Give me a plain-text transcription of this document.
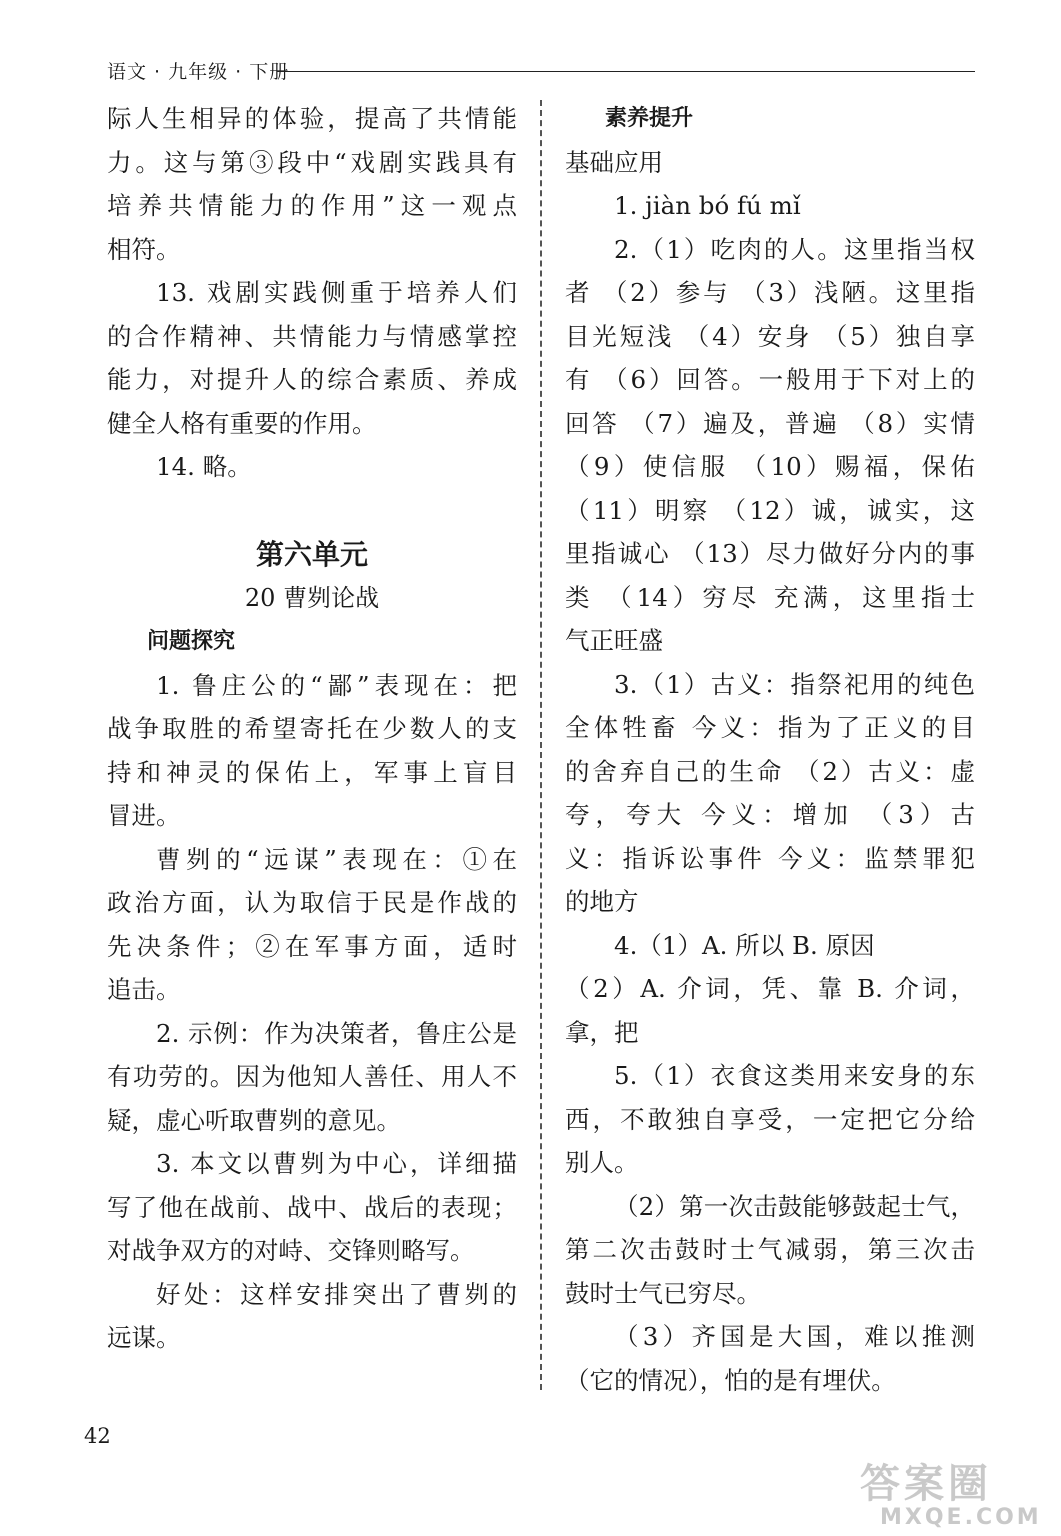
语文 · 九年级 · 下册

际人生相异的体验，提高了共情能

力。这与第③段中“戏剧实践具有

培养共情能力的作用”这一观点

相符。

13. 戏剧实践侧重于培养人们

的合作精神、共情能力与情感掌控

能力，对提升人的综合素质、养成

健全人格有重要的作用。

14. 略。

第六单元

20 曹刿论战

问题探究

1. 鲁庄公的“鄙”表现在：把

战争取胜的希望寄托在少数人的支

持和神灵的保佑上，军事上盲目

冒进。

曹刿的“远谋”表现在：①在

政治方面，认为取信于民是作战的

先决条件；②在军事方面，适时

追击。

2. 示例：作为决策者，鲁庄公是

有功劳的。因为他知人善任、用人不

疑，虚心听取曹刿的意见。

3. 本文以曹刿为中心，详细描

写了他在战前、战中、战后的表现；

对战争双方的对峙、交锋则略写。

好处：这样安排突出了曹刿的

远谋。

素养提升

基础应用

1. jiàn bó fú mǐ

2.（1）吃肉的人。这里指当权

者 （2）参与 （3）浅陋。这里指

目光短浅 （4）安身 （5）独自享

有 （6）回答。一般用于下对上的

回答 （7）遍及，普遍 （8）实情

（9）使信服 （10）赐福，保佑

（11）明察 （12）诚，诚实，这

里指诚心 （13）尽力做好分内的事

类 （14）穷尽 充满，这里指士

气正旺盛

3.（1）古义：指祭祀用的纯色

全体牲畜 今义：指为了正义的目

的舍弃自己的生命 （2）古义：虚

夸，夸大 今义：增加 （3）古

义：指诉讼事件 今义：监禁罪犯

的地方

4.（1）A. 所以 B. 原因

（2）A. 介词，凭、靠 B. 介词，

拿，把

5.（1）衣食这类用来安身的东

西，不敢独自享受，一定把它分给

别人。

（2）第一次击鼓能够鼓起士气，

第二次击鼓时士气减弱，第三次击

鼓时士气已穷尽。

（3）齐国是大国，难以推测

（它的情况），怕的是有埋伏。

42
答案圈
MXQE.COM
